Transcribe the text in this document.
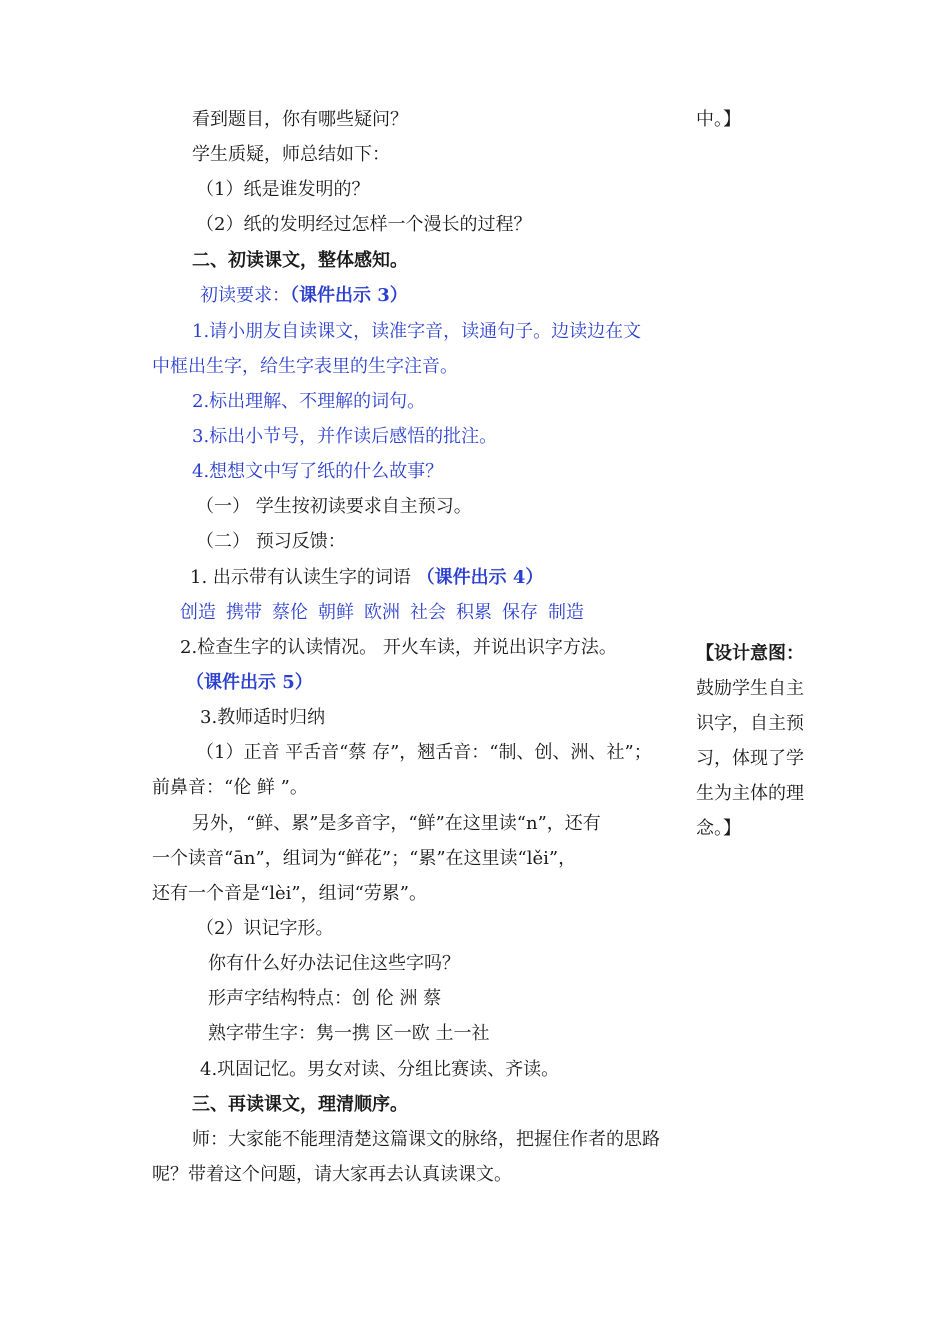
看到题目，你有哪些疑问？
学生质疑，师总结如下：
（1）纸是谁发明的？
（2）纸的发明经过怎样一个漫长的过程？
二、初读课文，整体感知。
初读要求：（课件出示 3）
1.请小朋友自读课文，读准字音，读通句子。边读边在文
中框出生字，给生字表里的生字注音。
2.标出理解、不理解的词句。
3.标出小节号，并作读后感悟的批注。
4.想想文中写了纸的什么故事？
（一） 学生按初读要求自主预习。
（二） 预习反馈：
1. 出示带有认读生字的词语 （课件出示 4）
创造 携带 蔡伦 朝鲜 欧洲 社会 积累 保存 制造
2.检查生字的认读情况。 开火车读，并说出识字方法。
（课件出示 5）
3.教师适时归纳
（1）正音 平舌音“蔡 存”，翘舌音：“制、创、洲、社”；
前鼻音：“伦 鲜 ”。
另外，“鲜、累”是多音字，“鲜”在这里读“n”，还有
一个读音“ān”，组词为“鲜花”；“累”在这里读“lěi”，
还有一个音是“lèi”，组词“劳累”。
（2）识记字形。
你有什么好办法记住这些字吗？
形声字结构特点：创 伦 洲 蔡
熟字带生字：隽一携 区一欧 土一社
4.巩固记忆。男女对读、分组比赛读、齐读。
三、再读课文，理清顺序。
师：大家能不能理清楚这篇课文的脉络，把握住作者的思路
呢？带着这个问题，请大家再去认真读课文。
中。】
【设计意图：
鼓励学生自主
识字，自主预
习，体现了学
生为主体的理
念。】
